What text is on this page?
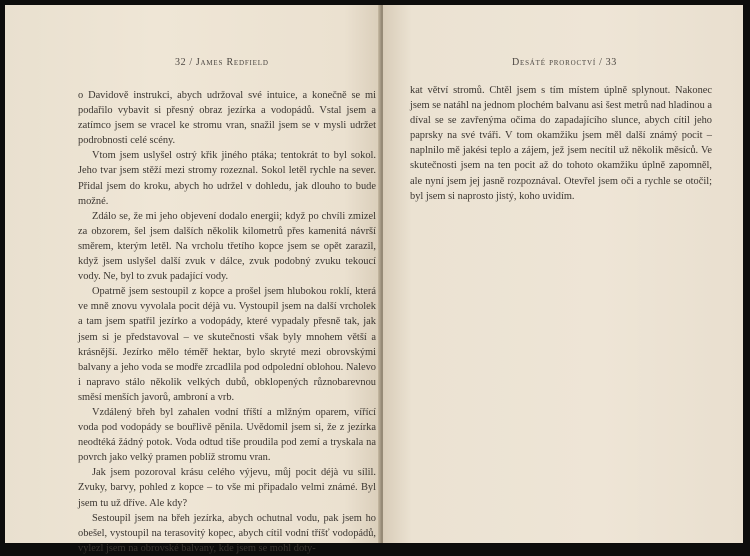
32 / James Redfield

o Davidově instrukci, abych udržoval své intuice, a konečně se mi podařilo vybavit si přesný obraz jezírka a vodopádů. Vstal jsem a zatímco jsem se vracel ke stromu vran, snažil jsem se v mysli udržet podrobnosti celé scény.

Vtom jsem uslyšel ostrý křik jiného ptáka; tentokrát to byl sokol. Jeho tvar jsem stěží mezi stromy rozeznal. Sokol letěl rychle na sever. Přidal jsem do kroku, abych ho udržel v dohledu, jak dlouho to bude možné.

Zdálo se, že mi jeho objevení dodalo energii; když po chvíli zmizel za obzorem, šel jsem dalších několik kilometrů přes kamenitá návrší směrem, kterým letěl. Na vrcholu třetího kopce jsem se opět zarazil, když jsem uslyšel další zvuk v dálce, zvuk podobný zvuku tekoucí vody. Ne, byl to zvuk padající vody.

Opatrně jsem sestoupil z kopce a prošel jsem hlubokou roklí, která ve mně znovu vyvolala pocit déjà vu. Vystoupil jsem na další vrcholek a tam jsem spatřil jezírko a vodopády, které vypadaly přesně tak, jak jsem si je představoval – ve skutečnosti však byly mnohem větší a krásnější. Jezírko mělo téměř hektar, bylo skryté mezi obrovskými balvany a jeho voda se modře zrcadlila pod odpolední oblohou. Nalevo i napravo stálo několik velkých dubů, obklopených různobarevnou směsí menších javorů, ambroní a vrb.

Vzdálený břeh byl zahalen vodní tříští a mlžným oparem, vířící voda pod vodopády se bouřlivě pěnila. Uvědomil jsem si, že z jezírka neodtéká žádný potok. Voda odtud tiše proudila pod zemí a tryskala na povrch jako velký pramen poblíž stromu vran.

Jak jsem pozoroval krásu celého výjevu, můj pocit déjà vu sílil. Zvuky, barvy, pohled z kopce – to vše mi připadalo velmi známé. Byl jsem tu už dříve. Ale kdy?

Sestoupil jsem na břeh jezírka, abych ochutnal vodu, pak jsem ho obešel, vystoupil na terasovitý kopec, abych cítil vodní tříšť vodopádů, vylezl jsem na obrovské balvany, kde jsem se mohl doty-

Desáté proroctví / 33

kat větví stromů. Chtěl jsem s tím místem úplně splynout. Nakonec jsem se natáhl na jednom plochém balvanu asi šest metrů nad hladinou a díval se se zavřenýma očima do zapadajícího slunce, abych cítil jeho paprsky na své tváři. V tom okamžiku jsem měl další známý pocit – naplnilo mě jakési teplo a zájem, jež jsem necítil už několik měsíců. Ve skutečnosti jsem na ten pocit až do tohoto okamžiku úplně zapomněl, ale nyní jsem jej jasně rozpoznával. Otevřel jsem oči a rychle se otočil; byl jsem si naprosto jistý, koho uvidím.
